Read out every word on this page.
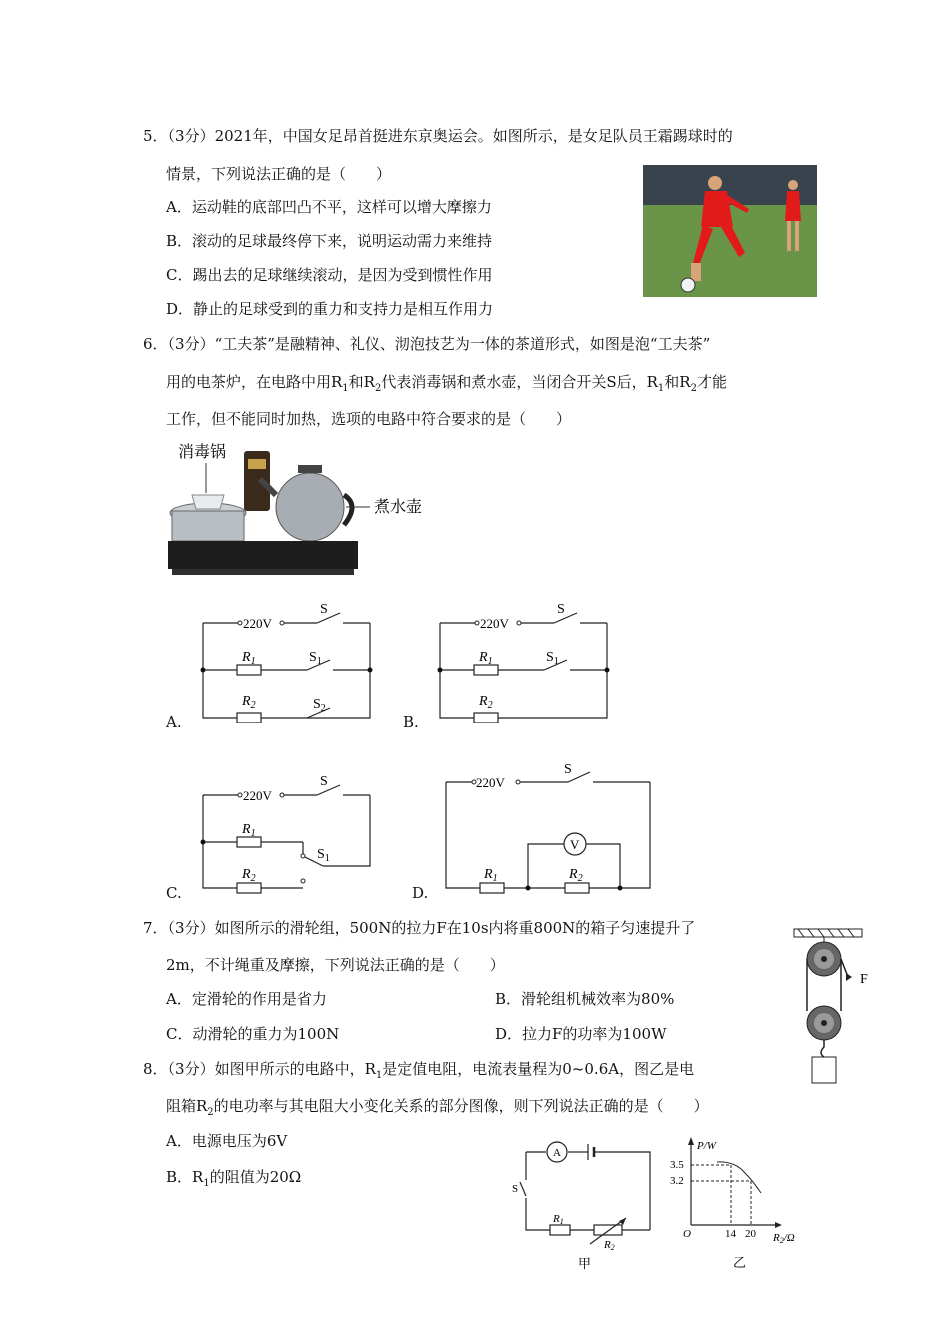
5．（3分）2021年，中国女足昂首挺进东京奥运会。如图所示，是女足队员王霜踢球时的
情景，下列说法正确的是（　　）
A．运动鞋的底部凹凸不平，这样可以增大摩擦力
B．滚动的足球最终停下来，说明运动需力来维持
C．踢出去的足球继续滚动，是因为受到惯性作用
D．静止的足球受到的重力和支持力是相互作用力
6．（3分）“工夫茶”是融精神、礼仪、沏泡技艺为一体的茶道形式，如图是泡“工夫茶”
用的电茶炉，在电路中用$R_1$和$R_2$代表消毒锅和煮水壶，当闭合开关S后，$R_1$和$R_2$才能
工作，但不能同时加热，选项的电路中符合要求的是（　　）
消毒锅
煮水壶
A.
220V
S
$R_1$	$S_1$
$R_2$	$S_2$
B.
220V
S
$R_1$	$S_1$
$R_2$
C.
220V
S
$R_1$
$S_1$
$R_2$
D.
220V
S
V
$R_1$	$R_2$
7．（3分）如图所示的滑轮组，500N的拉力F在10s内将重800N的箱子匀速提升了
2m，不计绳重及摩擦，下列说法正确的是（　　）
A．定滑轮的作用是省力	B．滑轮组机械效率为80%
C．动滑轮的重力为100N	D．拉力F的功率为100W
F
8．（3分）如图甲所示的电路中，$R_1$是定值电阻，电流表量程为0~0.6A，图乙是电
阻箱$R_2$的电功率与其电阻大小变化关系的部分图像，则下列说法正确的是（　　）
A．电源电压为6V
B．$R_1$的阻值为20Ω
A
S
R1
R2
甲
P/W
3.5
3.2
O	14 20 R2/Ω
乙
